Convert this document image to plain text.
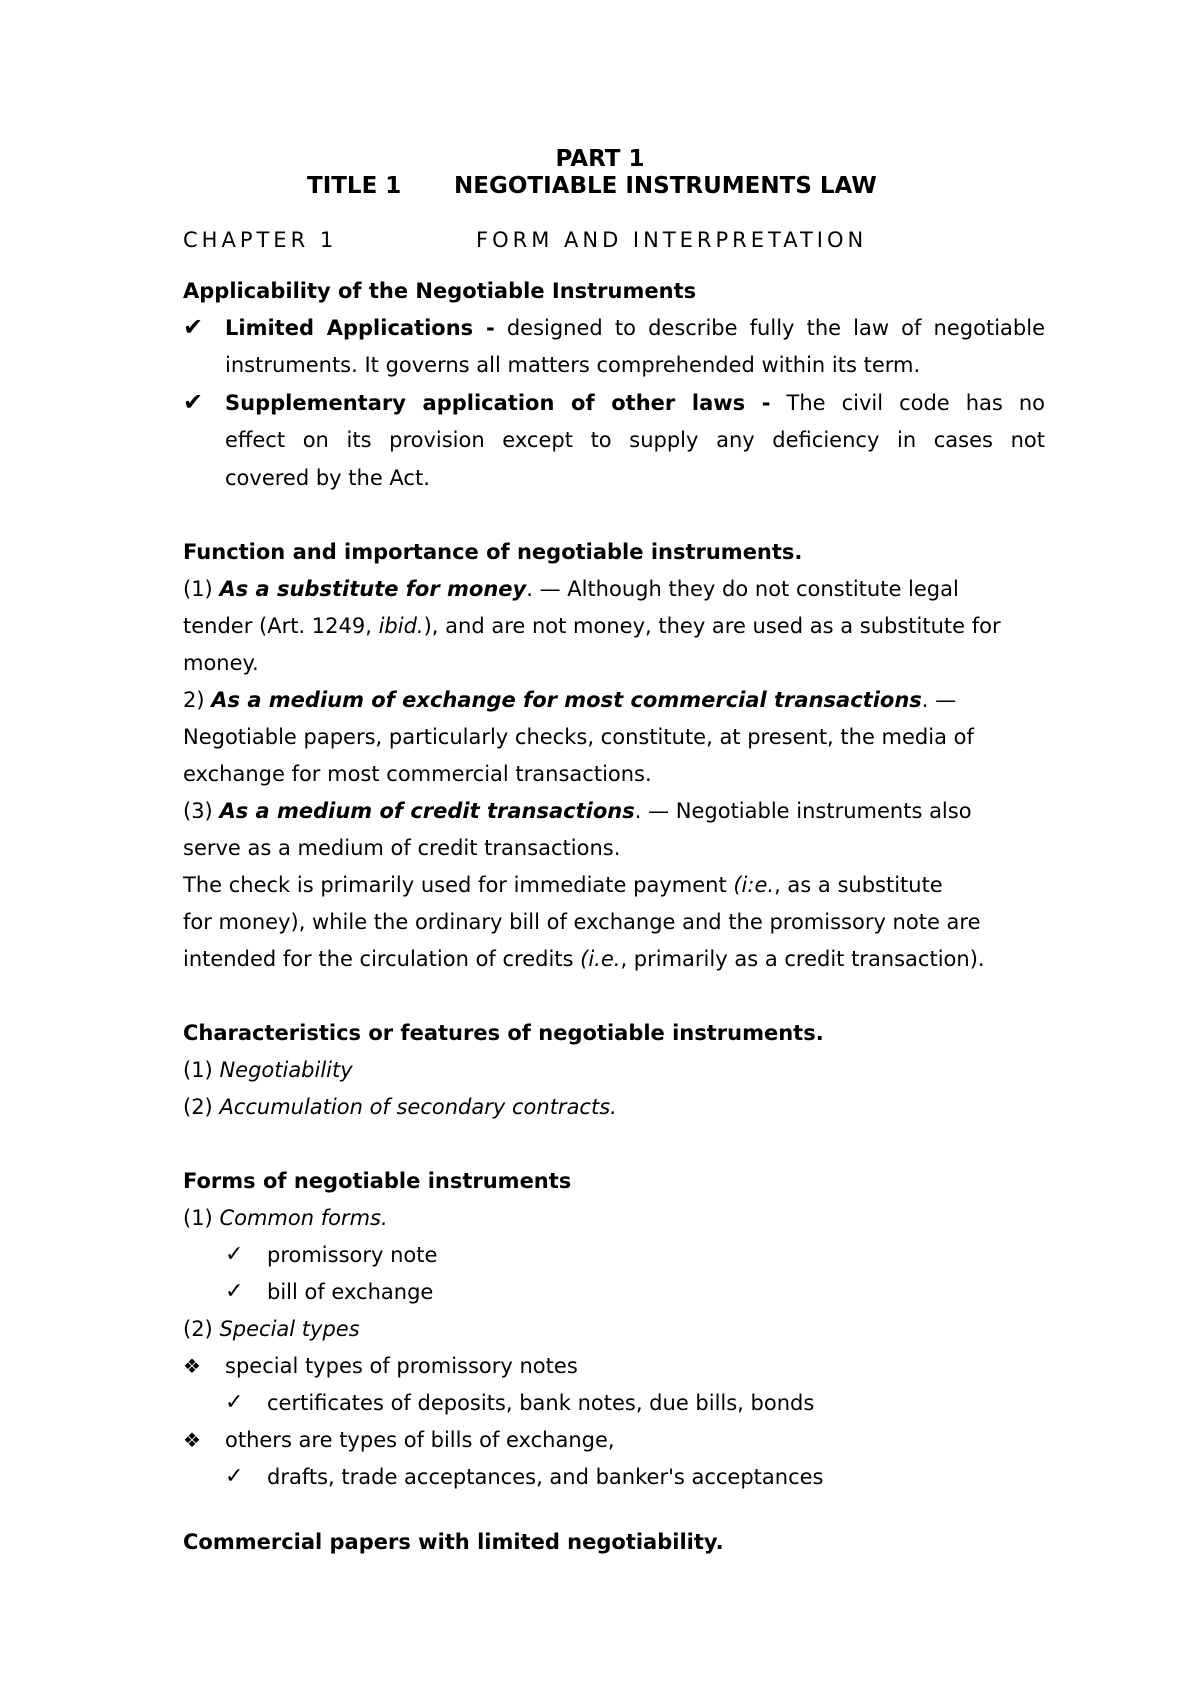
PART 1
TITLE 1 NEGOTIABLE INSTRUMENTS LAW
CHAPTER 1	FORM AND INTERPRETATION
Applicability of the Negotiable Instruments
✔ Limited Applications - designed to describe fully the law of negotiable
instruments. It governs all matters comprehended within its term.
✔ Supplementary application of other laws - The civil code has no
effect on its provision except to supply any deficiency in cases not
covered by the Act.
Function and importance of negotiable instruments.
(1) As a substitute for money. — Although they do not constitute legal
tender (Art. 1249, ibid.), and are not money, they are used as a substitute for
money.
2) As a medium of exchange for most commercial transactions. —
Negotiable papers, particularly checks, constitute, at present, the media of
exchange for most commercial transactions.
(3) As a medium of credit transactions. — Negotiable instruments also
serve as a medium of credit transactions.
The check is primarily used for immediate payment (i:e., as a substitute
for money), while the ordinary bill of exchange and the promissory note are
intended for the circulation of credits (i.e., primarily as a credit transaction).
Characteristics or features of negotiable instruments.
(1) Negotiability
(2) Accumulation of secondary contracts.
Forms of negotiable instruments
(1) Common forms.
✓ promissory note
✓ bill of exchange
(2) Special types
❖ special types of promissory notes
✓ certificates of deposits, bank notes, due bills, bonds
❖ others are types of bills of exchange,
✓ drafts, trade acceptances, and banker's acceptances
Commercial papers with limited negotiability.
